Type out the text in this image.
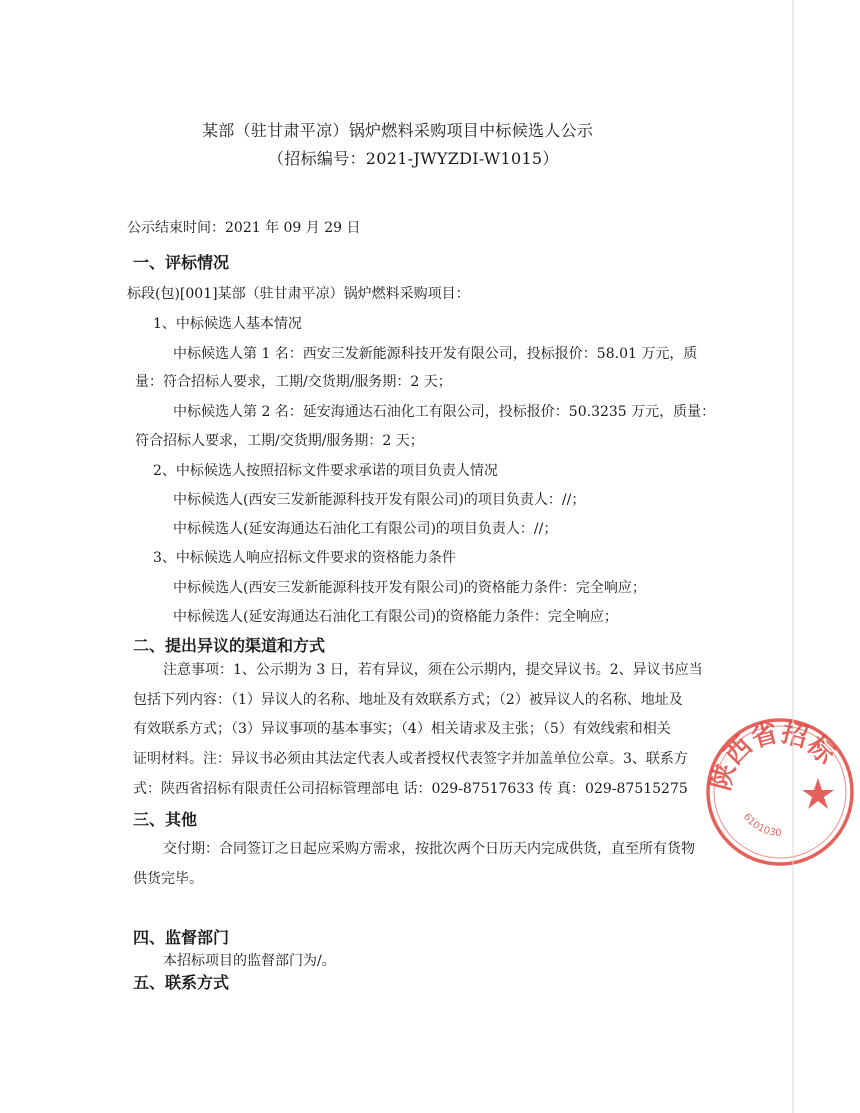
某部（驻甘肃平凉）锅炉燃料采购项目中标候选人公示
（招标编号：2021-JWYZDI-W1015）
公示结束时间：2021 年 09 月 29 日
一、评标情况
标段(包)[001]某部（驻甘肃平凉）锅炉燃料采购项目：
1、中标候选人基本情况
中标候选人第 1 名：西安三发新能源科技开发有限公司，投标报价：58.01 万元，质
量：符合招标人要求，工期/交货期/服务期：2 天；
中标候选人第 2 名：延安海通达石油化工有限公司，投标报价：50.3235 万元，质量：
符合招标人要求，工期/交货期/服务期：2 天；
2、中标候选人按照招标文件要求承诺的项目负责人情况
中标候选人(西安三发新能源科技开发有限公司)的项目负责人：//；
中标候选人(延安海通达石油化工有限公司)的项目负责人：//；
3、中标候选人响应招标文件要求的资格能力条件
中标候选人(西安三发新能源科技开发有限公司)的资格能力条件：完全响应；
中标候选人(延安海通达石油化工有限公司)的资格能力条件：完全响应；
二、提出异议的渠道和方式
注意事项：1、公示期为 3 日，若有异议，须在公示期内，提交异议书。2、异议书应当
包括下列内容：（1）异议人的名称、地址及有效联系方式；（2）被异议人的名称、地址及
有效联系方式；（3）异议事项的基本事实；（4）相关请求及主张；（5）有效线索和相关
证明材料。注：异议书必须由其法定代表人或者授权代表签字并加盖单位公章。3、联系方
式：陕西省招标有限责任公司招标管理部电 话：029-87517633 传 真：029-87515275
三、其他
交付期：合同签订之日起应采购方需求，按批次两个日历天内完成供货，直至所有货物
供货完毕。
四、监督部门
本招标项目的监督部门为/。
五、联系方式
陕西省招标
6101030
